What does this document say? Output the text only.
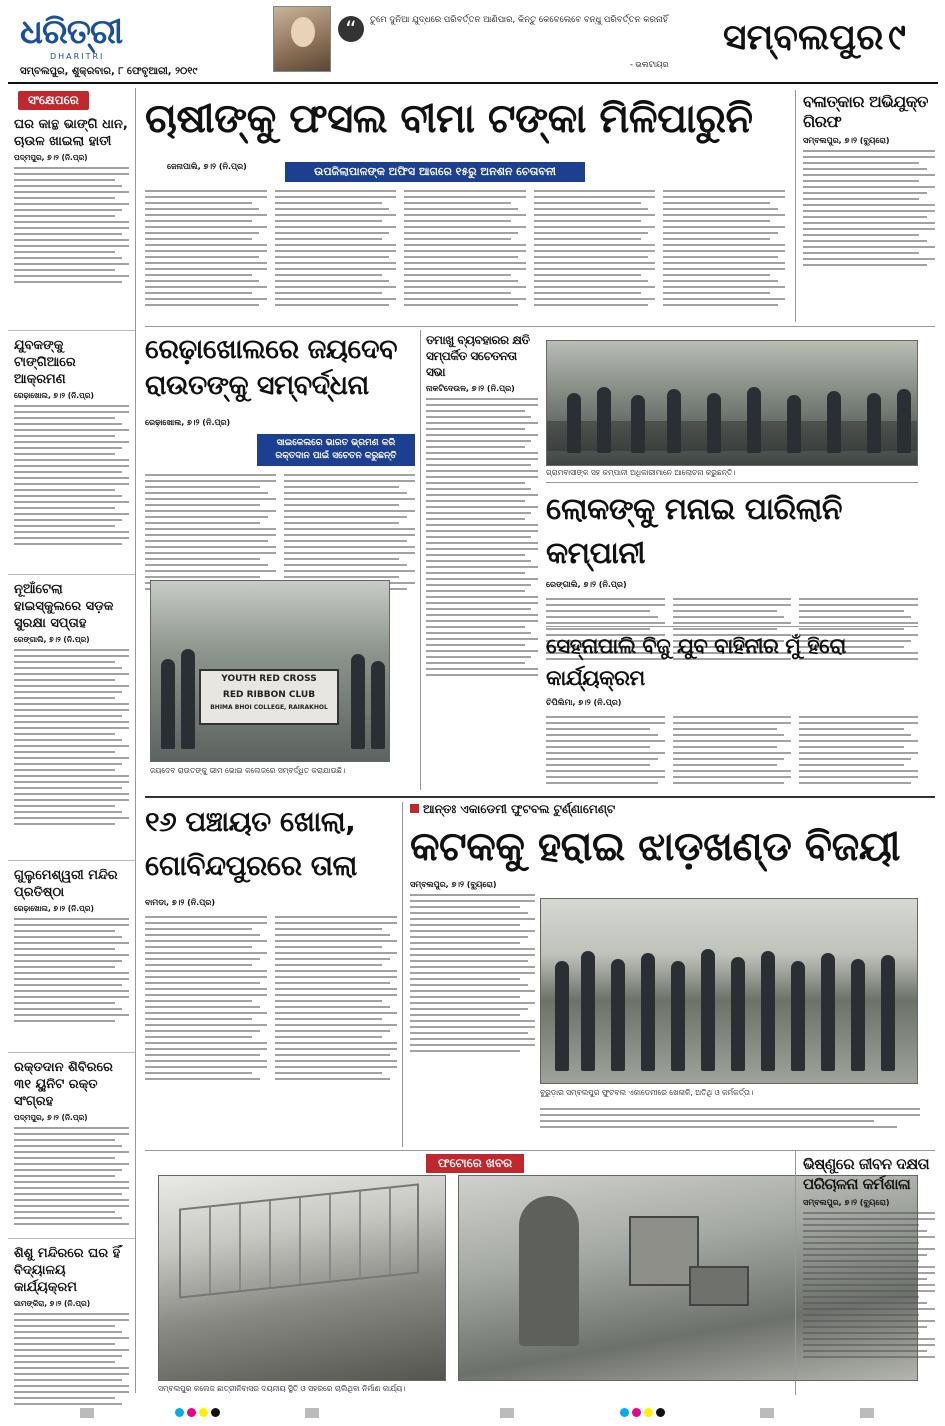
ଧରିତ୍ରୀ
DHARITRI
ସମ୍ବଲପୁର, ଶୁକ୍ରବାର, ୮ ଫେବୃଆରୀ, ୨୦୧୯
“	ତୁମେ ଦୁନିଆ ଯୁଦ୍ଧରେ ପରିବର୍ତ୍ତନ ଆଣିପାର, କିନ୍ତୁ କେବେଲେବେ ବନ୍ଧୁ ପରିବର୍ତ୍ତନ କରନାହିଁ
- ଭଲଟାୟର
ସମ୍ବଲପୁର ୯
ସଂକ୍ଷେପରେ
ଘର କାନ୍ଥ ଭାଙ୍ଗି ଧାନ, ଚାଉଳ ଖାଇଲା ହାତୀ
ପଦ୍ମପୁର, ୭।୨ (ନି.ପ୍ର)
ଯୁବକଙ୍କୁ ଟାଙ୍ଗିଆରେ ଆକ୍ରମଣ
ରେଢ଼ାଖୋଲ, ୭।୨ (ନି.ପ୍ର)
ନୂଆଁଟେଲା ହାଇସ୍କୁଲରେ ସଡ଼କ ସୁରକ୍ଷା ସପ୍ତାହ
ରେଙ୍ଗାଲି, ୭।୨ (ନି.ପ୍ର)
ଗୁଲୁମେଶ୍ୱରୀ ମନ୍ଦିର ପ୍ରତିଷ୍ଠା
ରେଢ଼ାଖୋଲ, ୭।୨ (ନି.ପ୍ର)
ରକ୍ତଦାନ ଶିବିରରେ ୩୧ ୟୁନିଟ ରକ୍ତ ସଂଗ୍ରହ
ପଦ୍ମପୁର, ୭।୨ (ନି.ପ୍ର)
ଶିଶୁ ମନ୍ଦିରରେ ଘର ହିଁ ବିଦ୍ୟାଳୟ କାର୍ଯ୍ୟକ୍ରମ
ଜାମଙ୍କିରା, ୭।୨ (ନି.ପ୍ର)
ଚାଷୀଙ୍କୁ ଫସଲ ବୀମା ଟଙ୍କା ମିଳିପାରୁନି
ଉପଜିଲାପାଳଙ୍କ ଅଫିସ ଆଗରେ ୧୫ରୁ ଅନଶନ ଚେତାବନୀ
ଜେନାପାଲି, ୭।୨ (ନି.ପ୍ର)
ବଳାତ୍କାର ଅଭିଯୁକ୍ତ ଗିରଫ
ସମ୍ବଲପୁର, ୭।୨ (ବ୍ୟୁରୋ)
ରେଢ଼ାଖୋଲରେ ଜୟଦେବ ରାଉତଙ୍କୁ ସମ୍ବର୍ଦ୍ଧନା
ରେଢ଼ାଖୋଲ, ୭।୨ (ନି.ପ୍ର)
ସାଇକେଲରେ ଭାରତ ଭ୍ରମଣ କରି ରକ୍ତଦାନ ପାଇଁ ସଚେତନ କରୁଛନ୍ତି
YOUTH RED CROSS
RED RIBBON CLUB
BHIMA BHOI COLLEGE, RAIRAKHOL
ଜୟଦେବ ରାଉତଙ୍କୁ ଭୀମ ଭୋଇ କଲେଜରେ ସମ୍ବର୍ଦ୍ଧିତ କରାଯାଉଛି।
ତମାଖୁ ବ୍ୟବହାରର କ୍ଷତି ସମ୍ପର୍କିତ ସଚେତନତା ସଭା
ନାକଟିଦେଉଳ, ୭।୨ (ନି.ପ୍ର)
ଗ୍ରାମବାସୀଙ୍କ ସହ କମ୍ପାନୀ ଅଧିକାରୀମାନେ ଆଲୋଚନା କରୁଛନ୍ତି।
ଲୋକଙ୍କୁ ମନାଇ ପାରିଲାନି କମ୍ପାନୀ
ରେଙ୍ଗାଲି, ୭।୨ (ନି.ପ୍ର)
ସେହ୍ନାପାଲି ବିଜୁ ଯୁବ ବାହିନୀର ମୁଁ ହିରୋ କାର୍ଯ୍ୟକ୍ରମ
ଚିପିଲିମା, ୭।୨ (ନି.ପ୍ର)
୧୬ ପଞ୍ଚାୟତ ଖୋଲା,
ଗୋବିନ୍ଦପୁରରେ ତାଲା
ବାମଡା, ୭।୨ (ନି.ପ୍ର)
ଆନ୍ତଃ ଏକାଡେମୀ ଫୁଟବଲ ଟୁର୍ଣ୍ଣାମେଣ୍ଟ
କଟକକୁ ହରାଇ ଝାଡ଼ଖଣ୍ଡ ବିଜୟୀ
ସମ୍ବଲପୁର, ୭।୨ (ବ୍ୟୁରୋ)
ବୁରୁଡ଼ାର ସମ୍ବଲପୁର ଫୁଟବଲ ଏକାଡେମୀରେ ଖେଳାଳି, ଅତିଥି ଓ କର୍ମକର୍ତ୍ତା।
ଫଟୋରେ ଖବର
ସମ୍ବଲପୁର କଲେଜ ଛାତ୍ରୀନିବାସର ଦୟନୀୟ ସ୍ଥିତି ଓ ସହରରେ ଚାଲିଥିବା ନିର୍ମାଣ କାର୍ଯ୍ୟ।
ଭିଷ୍ଣୁରେ ଜୀବନ ଦକ୍ଷତା ପରିଚାଳନା କର୍ମଶାଳା
ସମ୍ବଲପୁର, ୭।୨ (ବ୍ୟୁରୋ)
